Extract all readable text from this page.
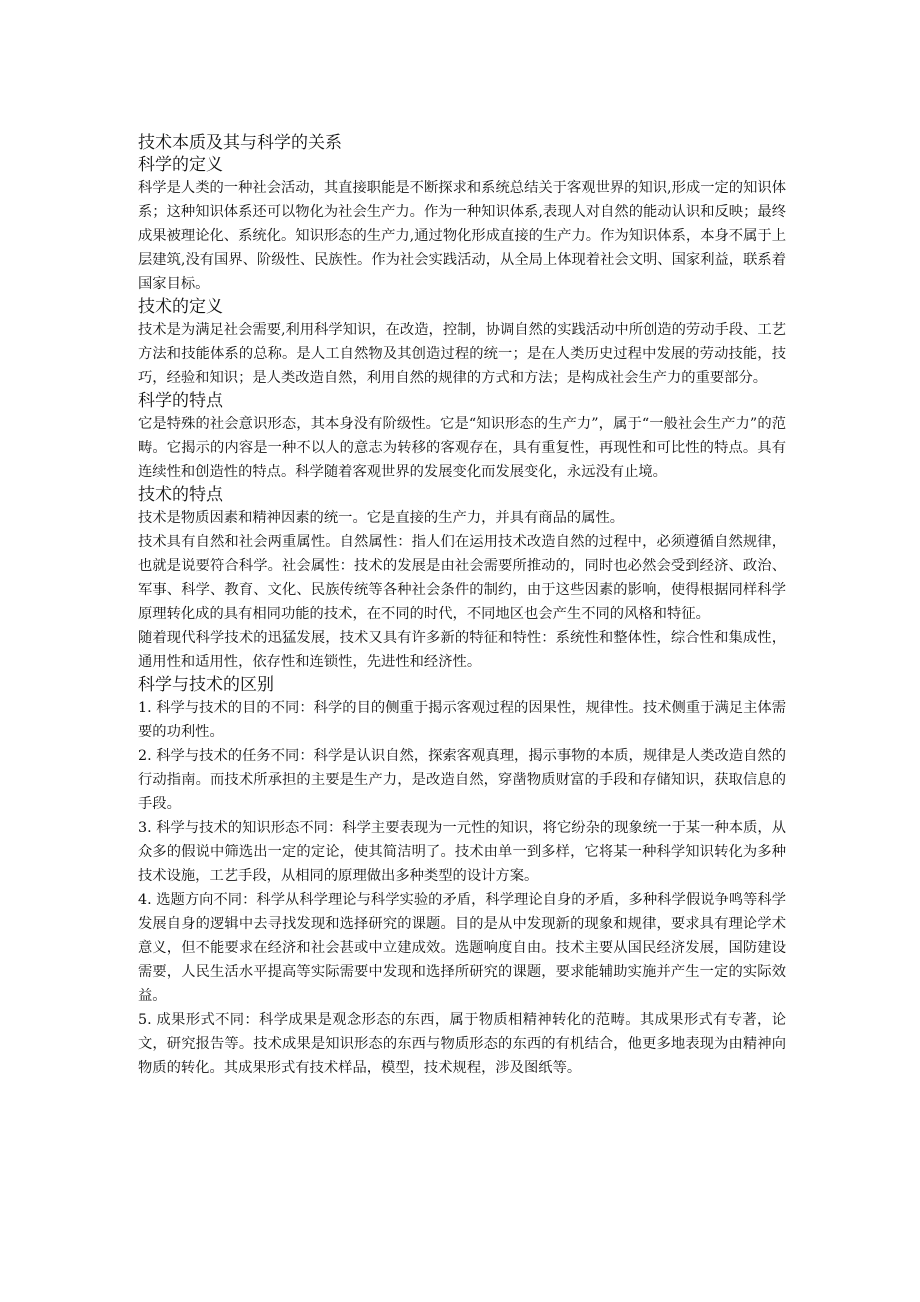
技术本质及其与科学的关系
科学的定义

科学是人类的一种社会活动，其直接职能是不断探求和系统总结关于客观世界的知识,形成一定的知识体系；这种知识体系还可以物化为社会生产力。作为一种知识体系,表现人对自然的能动认识和反映；最终成果被理论化、系统化。知识形态的生产力,通过物化形成直接的生产力。作为知识体系，本身不属于上层建筑,没有国界、阶级性、民族性。作为社会实践活动，从全局上体现着社会文明、国家利益，联系着国家目标。

技术的定义

技术是为满足社会需要,利用科学知识，在改造，控制，协调自然的实践活动中所创造的劳动手段、工艺方法和技能体系的总称。是人工自然物及其创造过程的统一；是在人类历史过程中发展的劳动技能，技巧，经验和知识；是人类改造自然，利用自然的规律的方式和方法；是构成社会生产力的重要部分。

科学的特点

它是特殊的社会意识形态，其本身没有阶级性。它是“知识形态的生产力”，属于“一般社会生产力”的范畴。它揭示的内容是一种不以人的意志为转移的客观存在，具有重复性，再现性和可比性的特点。具有连续性和创造性的特点。科学随着客观世界的发展变化而发展变化，永远没有止境。

技术的特点

技术是物质因素和精神因素的统一。它是直接的生产力，并具有商品的属性。

技术具有自然和社会两重属性。自然属性：指人们在运用技术改造自然的过程中，必须遵循自然规律，也就是说要符合科学。社会属性：技术的发展是由社会需要所推动的，同时也必然会受到经济、政治、军事、科学、教育、文化、民族传统等各种社会条件的制约，由于这些因素的影响，使得根据同样科学原理转化成的具有相同功能的技术，在不同的时代，不同地区也会产生不同的风格和特征。

随着现代科学技术的迅猛发展，技术又具有许多新的特征和特性：系统性和整体性，综合性和集成性，通用性和适用性，依存性和连锁性，先进性和经济性。

科学与技术的区别

1. 科学与技术的目的不同：科学的目的侧重于揭示客观过程的因果性，规律性。技术侧重于满足主体需要的功利性。

2. 科学与技术的任务不同：科学是认识自然，探索客观真理，揭示事物的本质，规律是人类改造自然的行动指南。而技术所承担的主要是生产力，是改造自然，穿凿物质财富的手段和存储知识，获取信息的手段。

3. 科学与技术的知识形态不同：科学主要表现为一元性的知识，将它纷杂的现象统一于某一种本质，从众多的假说中筛选出一定的定论，使其简洁明了。技术由单一到多样，它将某一种科学知识转化为多种技术设施，工艺手段，从相同的原理做出多种类型的设计方案。

4. 选题方向不同：科学从科学理论与科学实验的矛盾，科学理论自身的矛盾，多种科学假说争鸣等科学发展自身的逻辑中去寻找发现和选择研究的课题。目的是从中发现新的现象和规律，要求具有理论学术意义，但不能要求在经济和社会甚或中立建成效。选题响度自由。技术主要从国民经济发展，国防建设需要，人民生活水平提高等实际需要中发现和选择所研究的课题，要求能辅助实施并产生一定的实际效益。

5. 成果形式不同：科学成果是观念形态的东西，属于物质相精神转化的范畴。其成果形式有专著，论文，研究报告等。技术成果是知识形态的东西与物质形态的东西的有机结合，他更多地表现为由精神向物质的转化。其成果形式有技术样品，模型，技术规程，涉及图纸等。
